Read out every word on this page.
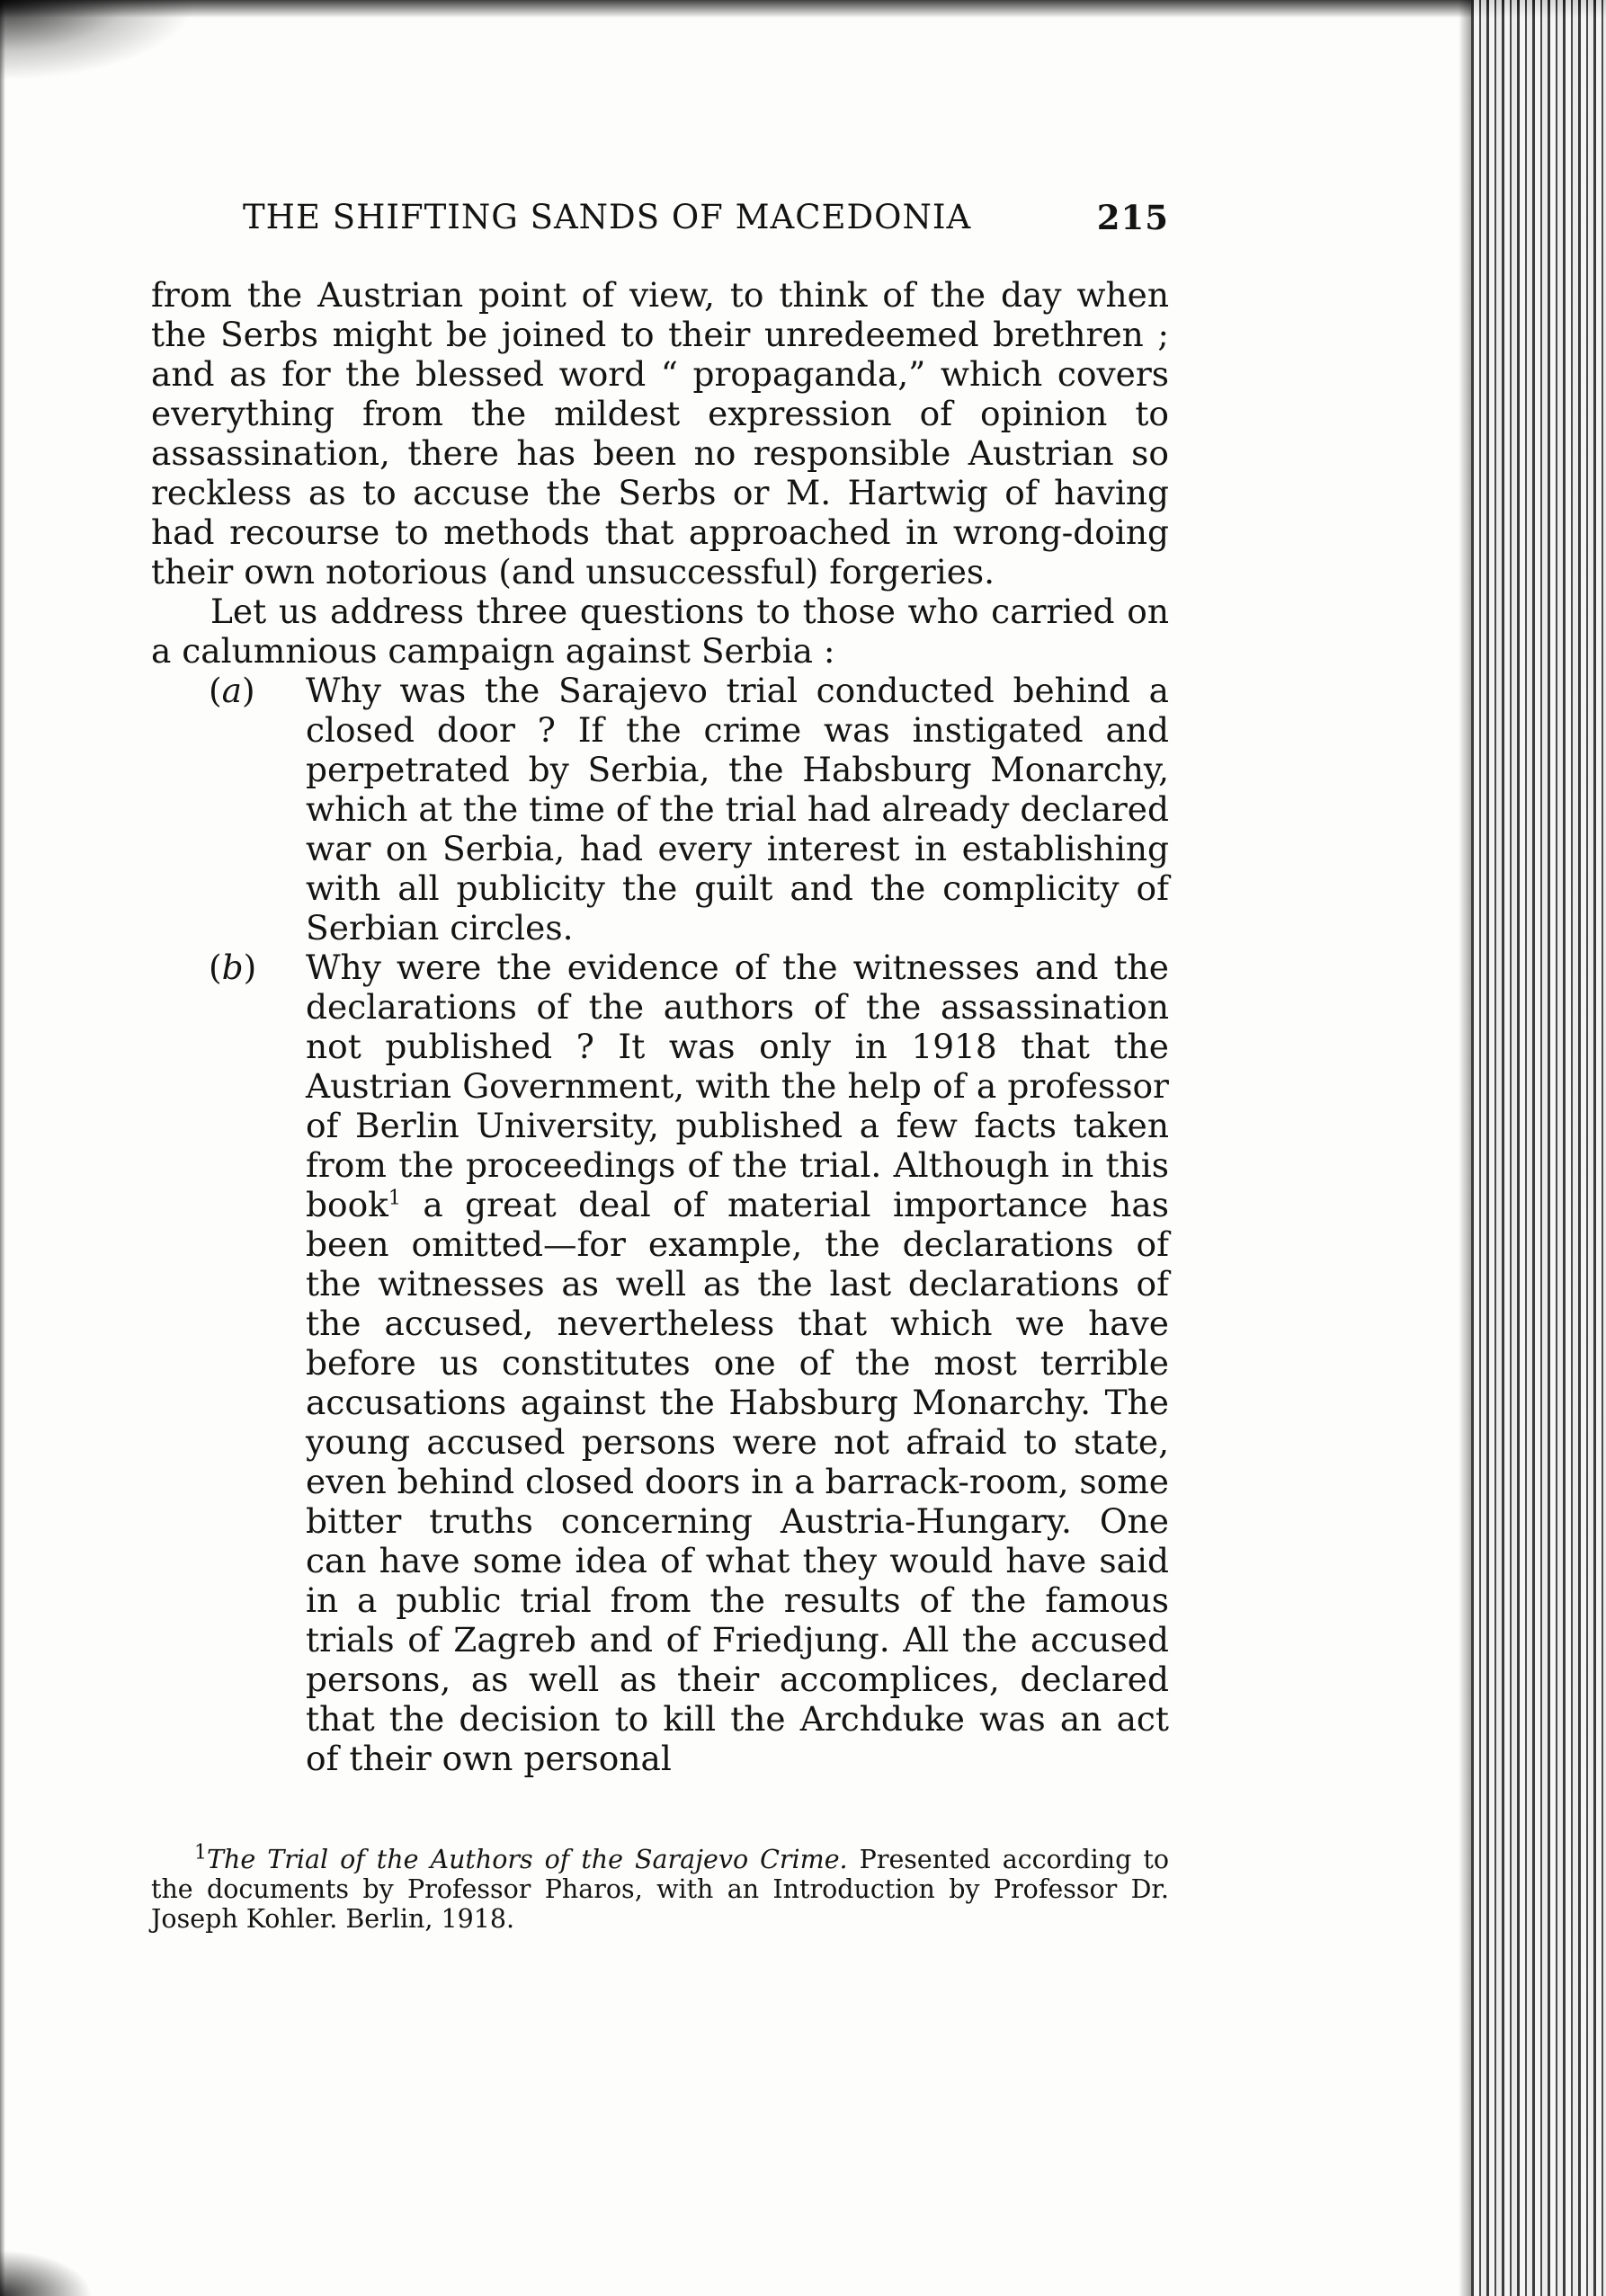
THE SHIFTING SANDS OF MACEDONIA	215

from the Austrian point of view, to think of the day when the Serbs might be joined to their unredeemed brethren ; and as for the blessed word “ propaganda,” which covers everything from the mildest expression of opinion to assassination, there has been no responsible Austrian so reckless as to accuse the Serbs or M. Hartwig of having had recourse to methods that approached in wrong-doing their own notorious (and unsuccessful) forgeries.

Let us address three questions to those who carried on a calumnious campaign against Serbia :

(a) Why was the Sarajevo trial conducted behind a closed door ? If the crime was instigated and perpetrated by Serbia, the Habsburg Monarchy, which at the time of the trial had already declared war on Serbia, had every interest in establishing with all publicity the guilt and the complicity of Serbian circles.
(b) Why were the evidence of the witnesses and the declarations of the authors of the assassination not published ? It was only in 1918 that the Austrian Government, with the help of a professor of Berlin University, published a few facts taken from the proceedings of the trial. Although in this book$^1$ a great deal of material importance has been omitted—for example, the declarations of the witnesses as well as the last declarations of the accused, nevertheless that which we have before us constitutes one of the most terrible accusations against the Habsburg Monarchy. The young accused persons were not afraid to state, even behind closed doors in a barrack-room, some bitter truths concerning Austria-Hungary. One can have some idea of what they would have said in a public trial from the results of the famous trials of Zagreb and of Friedjung. All the accused persons, as well as their accomplices, declared that the decision to kill the Archduke was an act of their own personal

$^1$The Trial of the Authors of the Sarajevo Crime. Presented according to the documents by Professor Pharos, with an Introduction by Professor Dr. Joseph Kohler. Berlin, 1918.
